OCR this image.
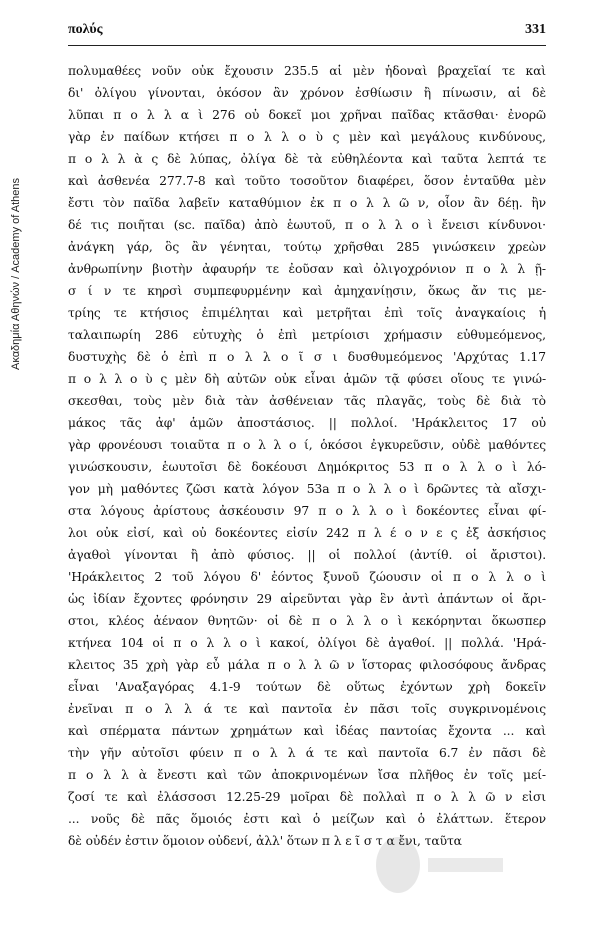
Ακαδημία Αθηνών / Academy of Athens
πολύς	331
πολυμαθέες νοῦν οὐκ ἔχουσιν 235.5 αἱ μὲν ἡδοναὶ βραχεῖαί τε καὶ
δι' ὀλίγου γίνονται, ὁκόσον ἂν χρόνον ἐσθίωσιν ἢ πίνωσιν, αἱ δὲ
λῦπαι π ο λ λ α ὶ 276 οὐ δοκεῖ μοι χρῆναι παῖδας κτᾶσθαι· ἐνορῶ
γὰρ ἐν παίδων κτήσει π ο λ λ ο ὺ ς μὲν καὶ μεγάλους κινδύνους,
π ο λ λ ὰ ς δὲ λύπας, ὀλίγα δὲ τὰ εὐθηλέοντα καὶ ταῦτα λεπτά τε
καὶ ἀσθενέα 277.7-8 καὶ τοῦτο τοσοῦτον διαφέρει, ὅσον ἐνταῦθα μὲν
ἔστι τὸν παῖδα λαβεῖν καταθύμιον ἐκ π ο λ λ ῶ ν, οἷον ἂν δέῃ. ἢν
δέ τις ποιῆται (sc. παῖδα) ἀπὸ ἑωυτοῦ, π ο λ λ ο ὶ ἔνεισι κίνδυνοι·
ἀνάγκη γάρ, ὃς ἂν γένηται, τούτῳ χρῆσθαι 285 γινώσκειν χρεὼν
ἀνθρωπίνην βιοτὴν ἀφαυρήν τε ἐοῦσαν καὶ ὀλιγοχρόνιον π ο λ λ ῇ-
σ ί ν τε κηρσὶ συμπεφυρμένην καὶ ἀμηχανίῃσιν, ὅκως ἄν τις με-
τρίης τε κτήσιος ἐπιμέληται καὶ μετρῆται ἐπὶ τοῖς ἀναγκαίοις ἡ
ταλαιπωρίη 286 εὐτυχὴς ὁ ἐπὶ μετρίοισι χρήμασιν εὐθυμεόμενος,
δυστυχὴς δὲ ὁ ἐπὶ π ο λ λ ο ῖ σ ι δυσθυμεόμενος 'Αρχύτας 1.17
π ο λ λ ο ὺ ς μὲν δὴ αὐτῶν οὐκ εἶναι ἁμῶν τᾷ φύσει οἵους τε γινώ-
σκεσθαι, τοὺς μὲν διὰ τὰν ἀσθένειαν τᾶς πλαγᾶς, τοὺς δὲ διὰ τὸ
μάκος τᾶς ἀφ' ἁμῶν ἀποστάσιος. || πολλοί. 'Ηράκλειτος 17 οὐ
γὰρ φρονέουσι τοιαῦτα π ο λ λ ο ί, ὁκόσοι ἐγκυρεῦσιν, οὐδὲ μαθόντες
γινώσκουσιν, ἑωυτοῖσι δὲ δοκέουσι Δημόκριτος 53 π ο λ λ ο ὶ λό-
γον μὴ μαθόντες ζῶσι κατὰ λόγον 53a π ο λ λ ο ὶ δρῶντες τὰ αἴσχι-
στα λόγους ἀρίστους ἀσκέουσιν 97 π ο λ λ ο ὶ δοκέοντες εἶναι φί-
λοι οὐκ εἰσί, καὶ οὐ δοκέοντες εἰσίν 242 π λ έ ο ν ε ς ἐξ ἀσκήσιος
ἀγαθοὶ γίνονται ἢ ἀπὸ φύσιος. || οἱ πολλοί (ἀντίθ. οἱ ἄριστοι).
'Ηράκλειτος 2 τοῦ λόγου δ' ἐόντος ξυνοῦ ζώουσιν οἱ π ο λ λ ο ὶ
ὡς ἰδίαν ἔχοντες φρόνησιν 29 αἱρεῦνται γὰρ ἓν ἀντὶ ἁπάντων οἱ ἄρι-
στοι, κλέος ἀέναον θνητῶν· οἱ δὲ π ο λ λ ο ὶ κεκόρηνται ὅκωσπερ
κτήνεα 104 οἱ π ο λ λ ο ὶ κακοί, ὀλίγοι δὲ ἀγαθοί. || πολλά. 'Ηρά-
κλειτος 35 χρὴ γὰρ εὖ μάλα π ο λ λ ῶ ν ἵστορας φιλοσόφους ἄνδρας
εἶναι 'Αναξαγόρας 4.1-9 τούτων δὲ οὕτως ἐχόντων χρὴ δοκεῖν
ἐνεῖναι π ο λ λ ά τε καὶ παντοῖα ἐν πᾶσι τοῖς συγκρινομένοις
καὶ σπέρματα πάντων χρημάτων καὶ ἰδέας παντοίας ἔχοντα ... καὶ
τὴν γῆν αὐτοῖσι φύειν π ο λ λ ά τε καὶ παντοῖα 6.7 ἐν πᾶσι δὲ
π ο λ λ ὰ ἔνεστι καὶ τῶν ἀποκρινομένων ἴσα πλῆθος ἐν τοῖς μεί-
ζοσί τε καὶ ἐλάσσοσι 12.25-29 μοῖραι δὲ πολλαὶ π ο λ λ ῶ ν εἰσι
... νοῦς δὲ πᾶς ὅμοιός ἐστι καὶ ὁ μείζων καὶ ὁ ἐλάττων. ἕτερον
δὲ οὐδέν ἐστιν ὅμοιον οὐδενί, ἀλλ' ὅτων π λ ε ῖ σ τ α ἔνι, ταῦτα
